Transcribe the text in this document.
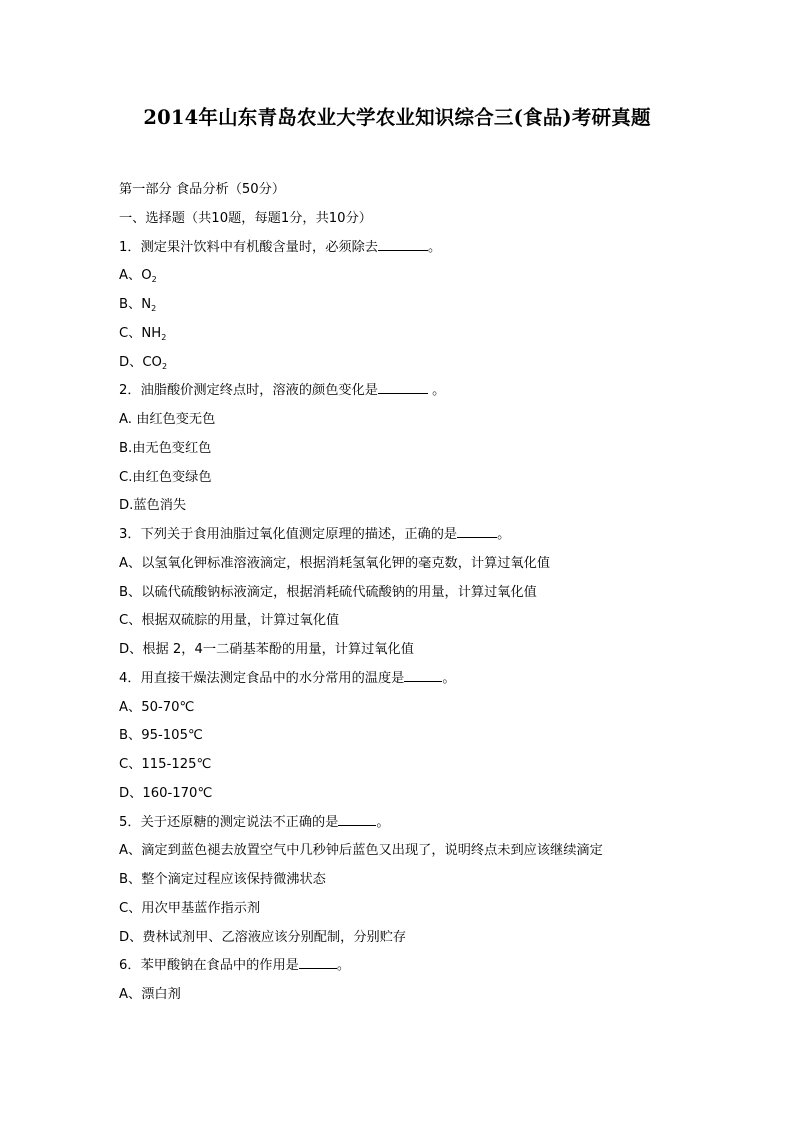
2014年山东青岛农业大学农业知识综合三(食品)考研真题
第一部分 食品分析（50分）
一、选择题（共10题，每题1分，共10分）
1．测定果汁饮料中有机酸含量时，必须除去	。
A、$O_2$
B、$N_2$
C、$NH_2$
D、$CO_2$
2．油脂酸价测定终点时，溶液的颜色变化是	。
A. 由红色变无色
B.由无色变红色
C.由红色变绿色
D.蓝色消失
3．下列关于食用油脂过氧化值测定原理的描述，正确的是	。
A、以氢氧化钾标准溶液滴定，根据消耗氢氧化钾的毫克数，计算过氧化值
B、以硫代硫酸钠标液滴定，根据消耗硫代硫酸钠的用量，计算过氧化值
C、根据双硫腙的用量，计算过氧化值
D、根据 2，4一二硝基苯酚的用量，计算过氧化值
4．用直接干燥法测定食品中的水分常用的温度是	。
A、50-70℃
B、95-105℃
C、115-125℃
D、160-170℃
5．关于还原糖的测定说法不正确的是	。
A、滴定到蓝色褪去放置空气中几秒钟后蓝色又出现了，说明终点未到应该继续滴定
B、整个滴定过程应该保持微沸状态
C、用次甲基蓝作指示剂
D、费林试剂甲、乙溶液应该分别配制，分别贮存
6．苯甲酸钠在食品中的作用是	。
A、漂白剂
